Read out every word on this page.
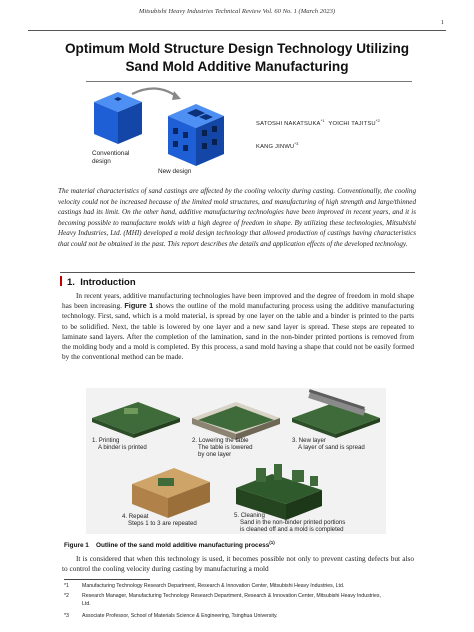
Mitsubishi Heavy Industries Technical Review Vol. 60 No. 1 (March 2023)
1
Optimum Mold Structure Design Technology Utilizing
Sand Mold Additive Manufacturing
Conventional
design
New design
SATOSHI NAKATSUKA$^{*1}$  YOICHI TAJITSU$^{*2}$
KANG JINWU$^{*3}$
The material characteristics of sand castings are affected by the cooling velocity during casting. Conventionally, the cooling velocity could not be increased because of the limited mold structures, and manufacturing of high strength and large/thinned castings had its limit. On the other hand, additive manufacturing technologies have been improved in recent years, and it is becoming possible to manufacture molds with a high degree of freedom in shape. By utilizing these technologies, Mitsubishi Heavy Industries, Ltd. (MHI) developed a mold design technology that allowed production of castings having characteristics that could not be obtained in the past. This report describes the details and application effects of the developed technology.
1. Introduction
In recent years, additive manufacturing technologies have been improved and the degree of freedom in mold shape has been increasing. Figure 1 shows the outline of the mold manufacturing process using the additive manufacturing technology. First, sand, which is a mold material, is spread by one layer on the table and a binder is printed to the parts to be solidified. Next, the table is lowered by one layer and a new sand layer is spread. These steps are repeated to laminate sand layers. After the completion of the lamination, sand in the non-binder printed portions is removed from the molding body and a mold is completed. By this process, a sand mold having a shape that could not be easily formed by the conventional method can be made.
1. Printing
A binder is printed
2. Lowering the table
The table is lowered
by one layer
3. New layer
A layer of sand is spread
4. Repeat
Steps 1 to 3 are repeated
5. Cleaning
Sand in the non-binder printed portions
is cleaned off and a mold is completed
Figure 1 Outline of the sand mold additive manufacturing process$^{(1)}$
It is considered that when this technology is used, it becomes possible not only to prevent casting defects but also to control the cooling velocity during casting by manufacturing a mold
*1	Manufacturing Technology Research Department, Research & Innovation Center, Mitsubishi Heavy Industries, Ltd.
*2	Research Manager, Manufacturing Technology Research Department, Research & Innovation Center, Mitsubishi Heavy Industries,
Ltd.
*3	Associate Professor, School of Materials Science & Engineering, Tsinghua University.
